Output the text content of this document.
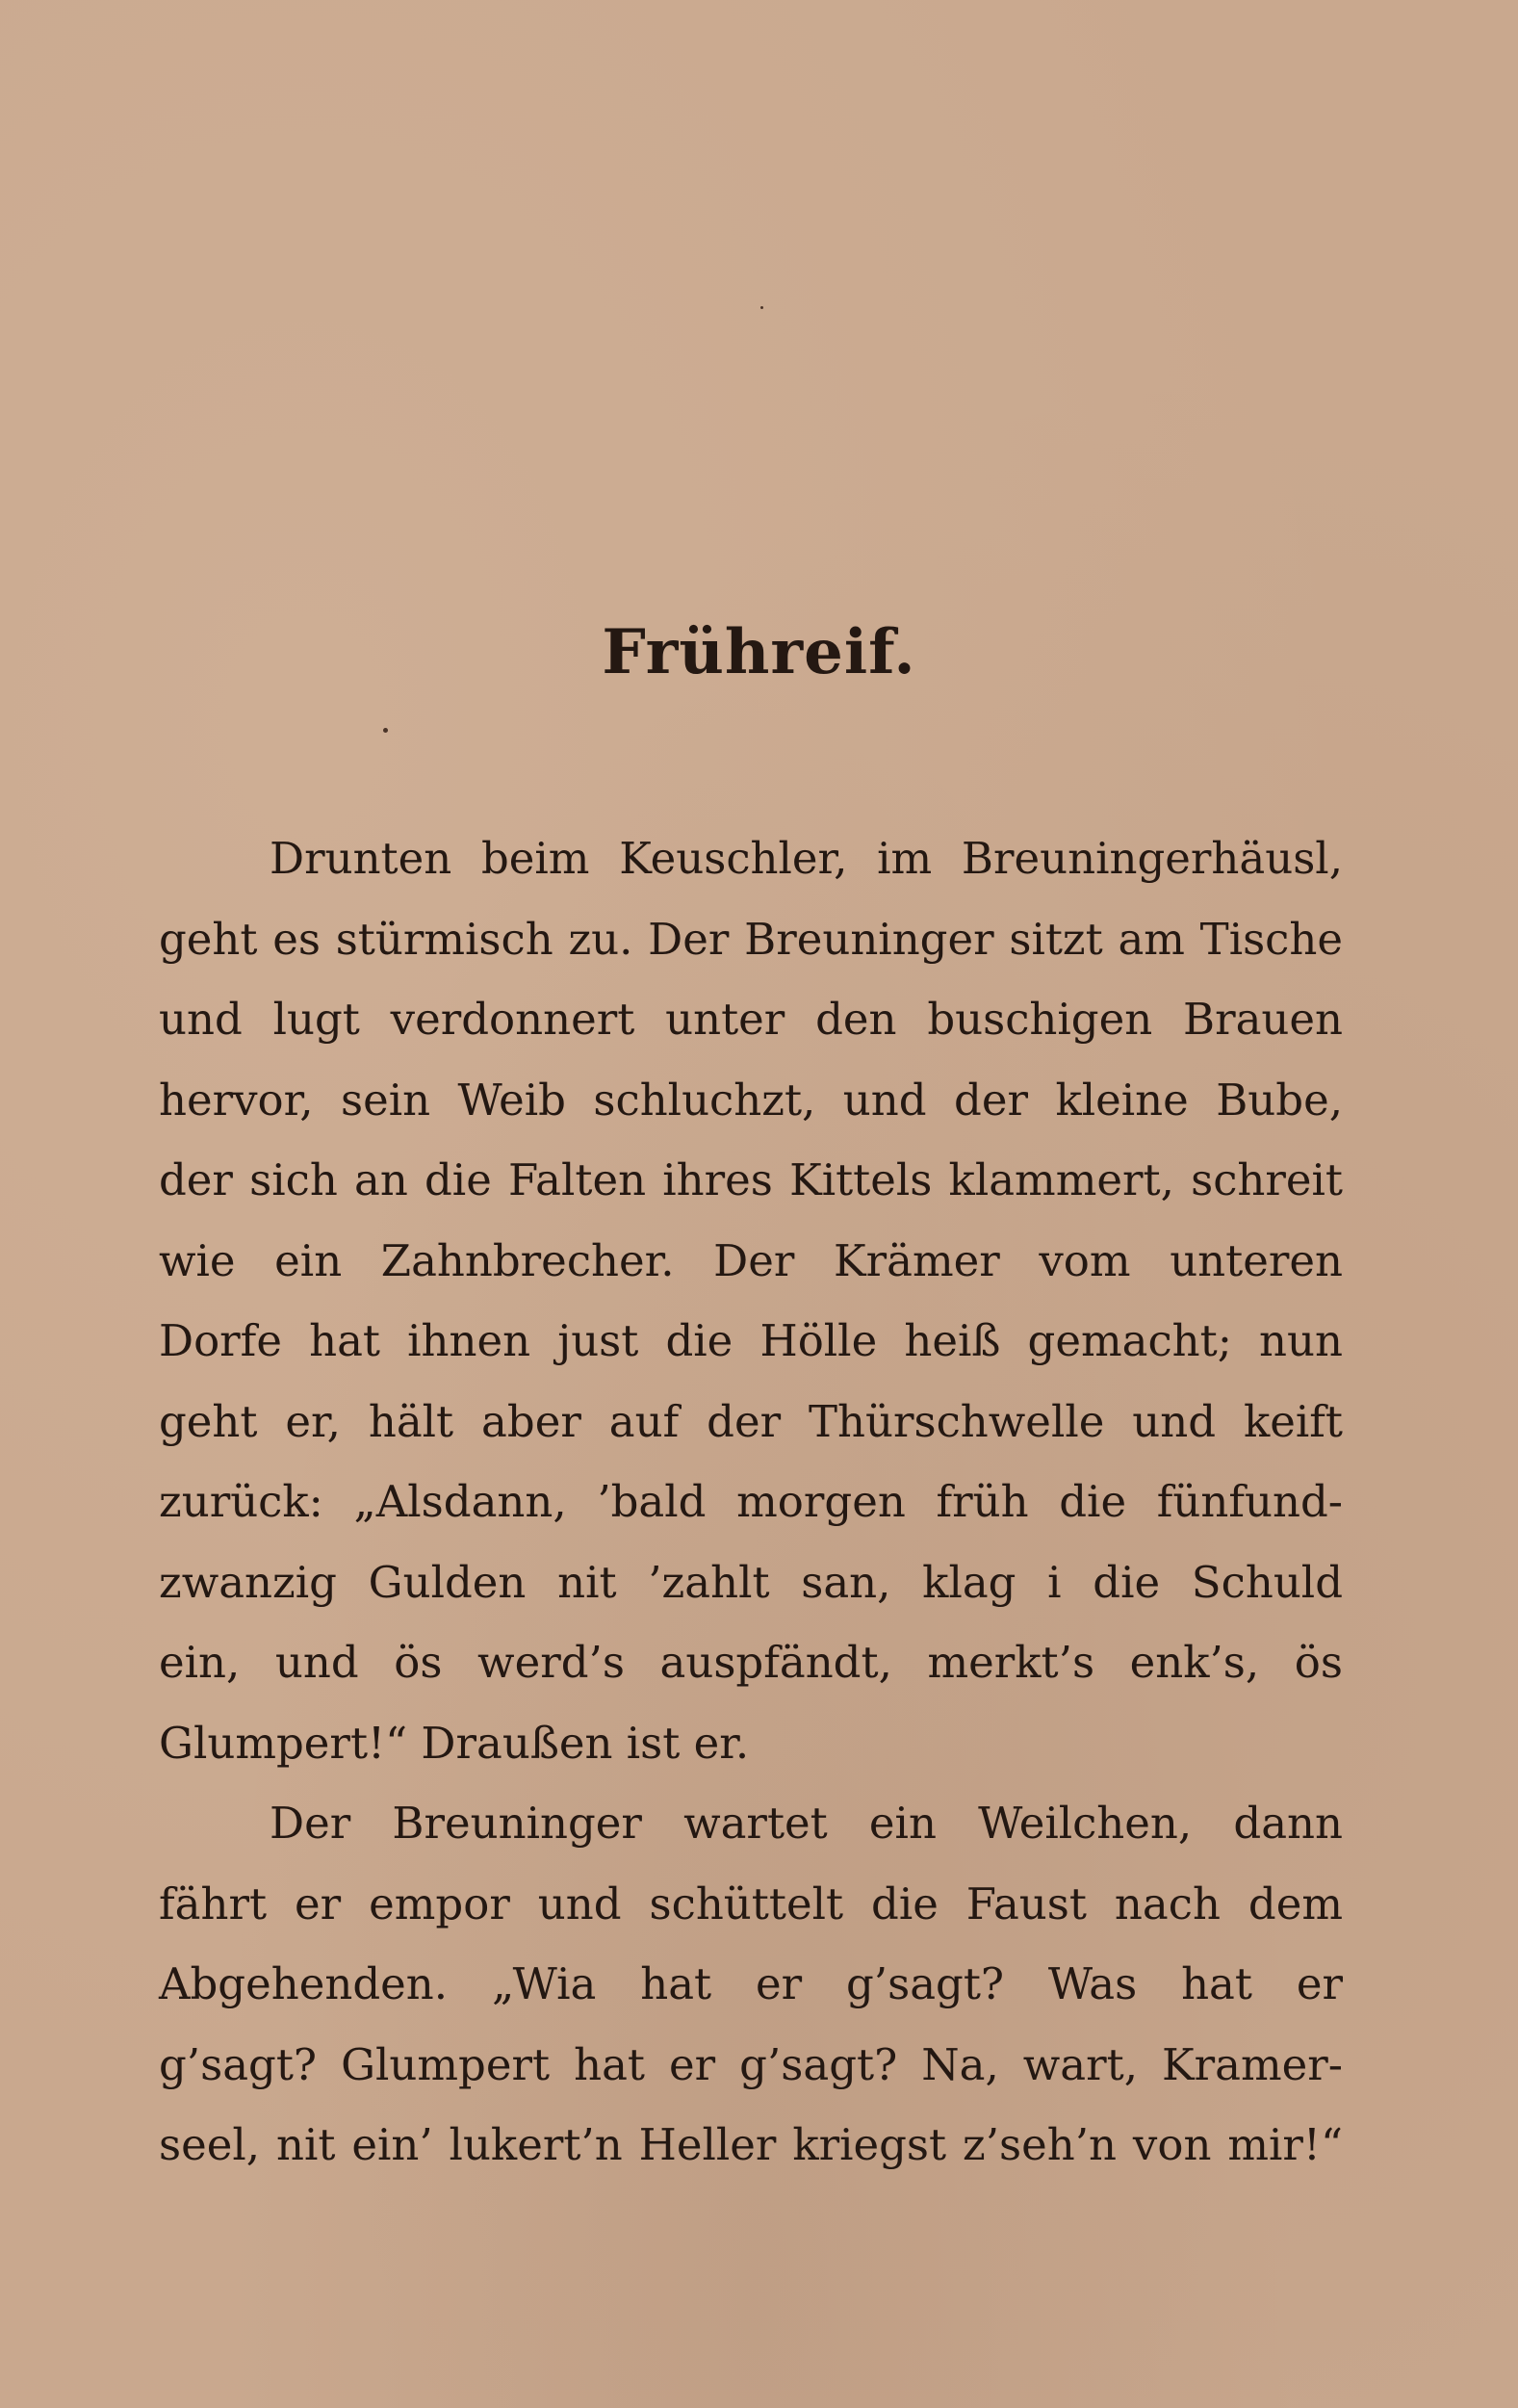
Frühreif.
Drunten beim Keuschler, im Breuningerhäusl,
geht es stürmisch zu. Der Breuninger sitzt am Tische
und lugt verdonnert unter den buschigen Brauen
hervor, sein Weib schluchzt, und der kleine Bube,
der sich an die Falten ihres Kittels klammert, schreit
wie ein Zahnbrecher. Der Krämer vom unteren
Dorfe hat ihnen just die Hölle heiß gemacht; nun
geht er, hält aber auf der Thürschwelle und keift
zurück: „Alsdann, ’bald morgen früh die fünfund-
zwanzig Gulden nit ’zahlt san, klag i die Schuld
ein, und ös werd’s auspfändt, merkt’s enk’s, ös
Glumpert!“ Draußen ist er.
Der Breuninger wartet ein Weilchen, dann
fährt er empor und schüttelt die Faust nach dem
Abgehenden. „Wia hat er g’sagt? Was hat er
g’sagt? Glumpert hat er g’sagt? Na, wart, Kramer-
seel, nit ein’ lukert’n Heller kriegst z’seh’n von mir!“
